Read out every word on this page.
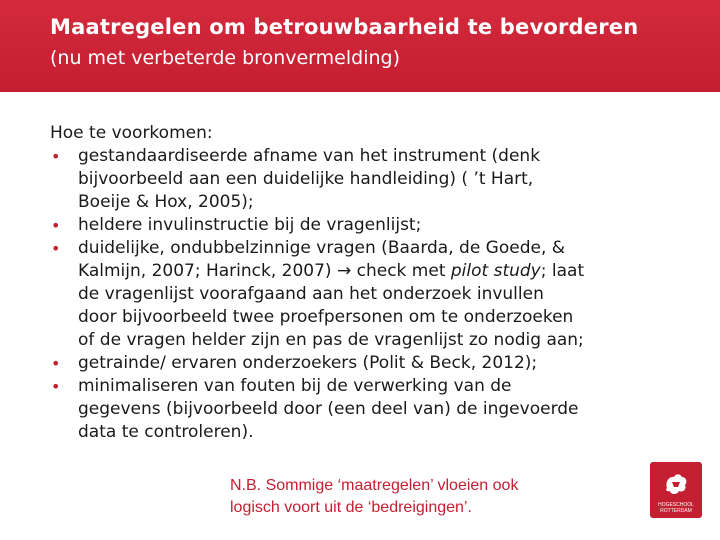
Maatregelen om betrouwbaarheid te bevorderen
(nu met verbeterde bronvermelding)

Hoe te voorkomen:

• gestandaardiseerde afname van het instrument (denk
bijvoorbeeld aan een duidelijke handleiding) ( ’t Hart,
Boeije & Hox, 2005);
• heldere invulinstructie bij de vragenlijst;
• duidelijke, ondubbelzinnige vragen (Baarda, de Goede, &
Kalmijn, 2007; Harinck, 2007) → check met pilot study; laat
de vragenlijst voorafgaand aan het onderzoek invullen
door bijvoorbeeld twee proefpersonen om te onderzoeken
of de vragen helder zijn en pas de vragenlijst zo nodig aan;
• getrainde/ ervaren onderzoekers (Polit & Beck, 2012);
• minimaliseren van fouten bij de verwerking van de
gegevens (bijvoorbeeld door (een deel van) de ingevoerde
data te controleren).
N.B. Sommige ‘maatregelen’ vloeien ook
logisch voort uit de ‘bedreigingen’.	HOGESCHOOL
ROTTERDAM
